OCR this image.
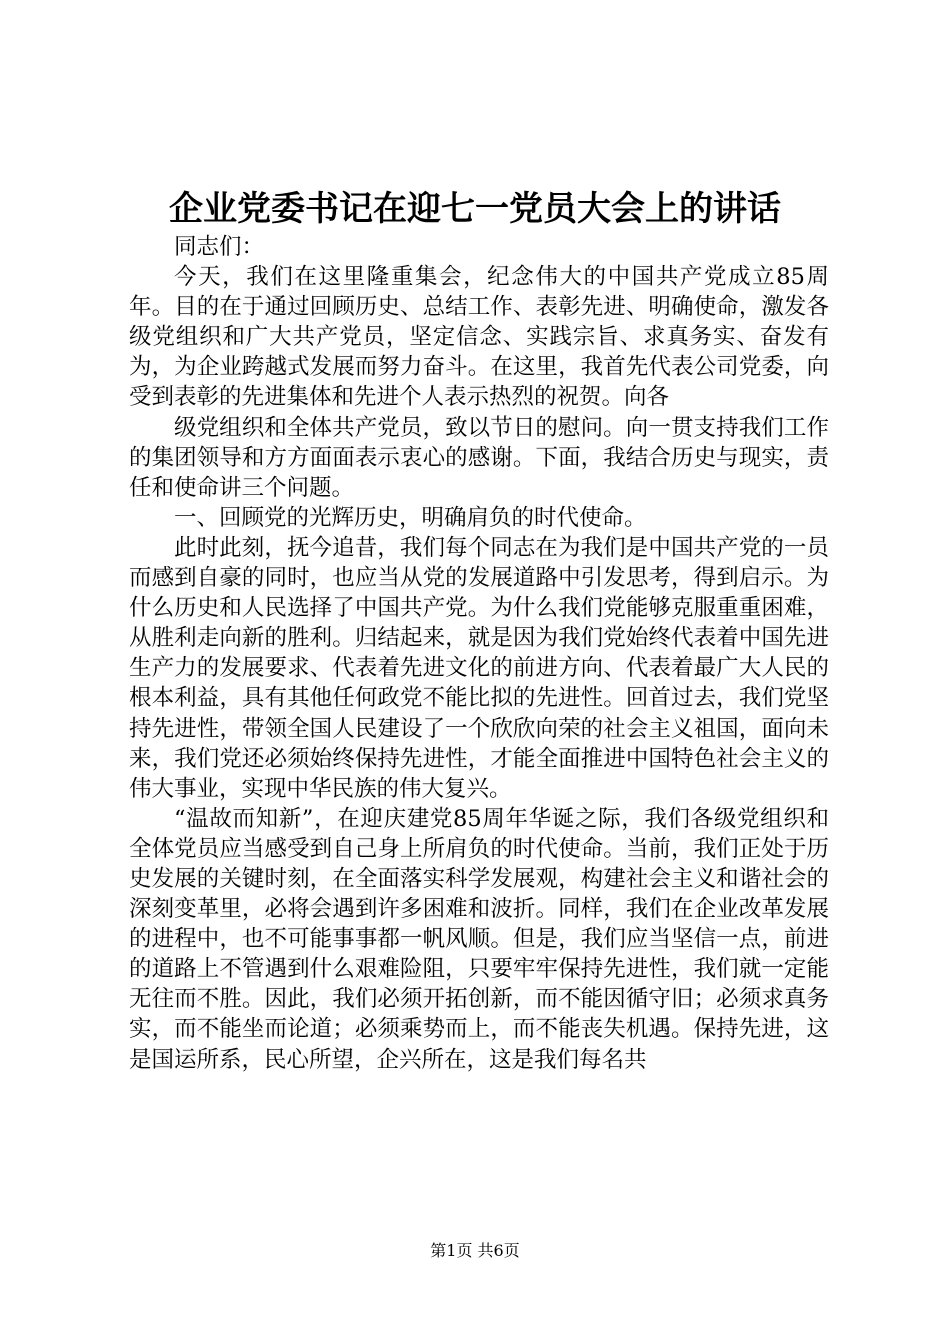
企业党委书记在迎七一党员大会上的讲话

同志们：

今天，我们在这里隆重集会，纪念伟大的中国共产党成立85周年。目的在于通过回顾历史、总结工作、表彰先进、明确使命，激发各级党组织和广大共产党员，坚定信念、实践宗旨、求真务实、奋发有为，为企业跨越式发展而努力奋斗。在这里，我首先代表公司党委，向受到表彰的先进集体和先进个人表示热烈的祝贺。向各

级党组织和全体共产党员，致以节日的慰问。向一贯支持我们工作的集团领导和方方面面表示衷心的感谢。下面，我结合历史与现实，责任和使命讲三个问题。

一、回顾党的光辉历史，明确肩负的时代使命。

此时此刻，抚今追昔，我们每个同志在为我们是中国共产党的一员而感到自豪的同时，也应当从党的发展道路中引发思考，得到启示。为什么历史和人民选择了中国共产党。为什么我们党能够克服重重困难，从胜利走向新的胜利。归结起来，就是因为我们党始终代表着中国先进生产力的发展要求、代表着先进文化的前进方向、代表着最广大人民的根本利益，具有其他任何政党不能比拟的先进性。回首过去，我们党坚持先进性，带领全国人民建设了一个欣欣向荣的社会主义祖国，面向未来，我们党还必须始终保持先进性，才能全面推进中国特色社会主义的伟大事业，实现中华民族的伟大复兴。

“温故而知新”，在迎庆建党85周年华诞之际，我们各级党组织和全体党员应当感受到自己身上所肩负的时代使命。当前，我们正处于历史发展的关键时刻，在全面落实科学发展观，构建社会主义和谐社会的深刻变革里，必将会遇到许多困难和波折。同样，我们在企业改革发展的进程中，也不可能事事都一帆风顺。但是，我们应当坚信一点，前进的道路上不管遇到什么艰难险阻，只要牢牢保持先进性，我们就一定能无往而不胜。因此，我们必须开拓创新，而不能因循守旧；必须求真务实，而不能坐而论道；必须乘势而上，而不能丧失机遇。保持先进，这是国运所系，民心所望，企兴所在，这是我们每名共

第1页 共6页
